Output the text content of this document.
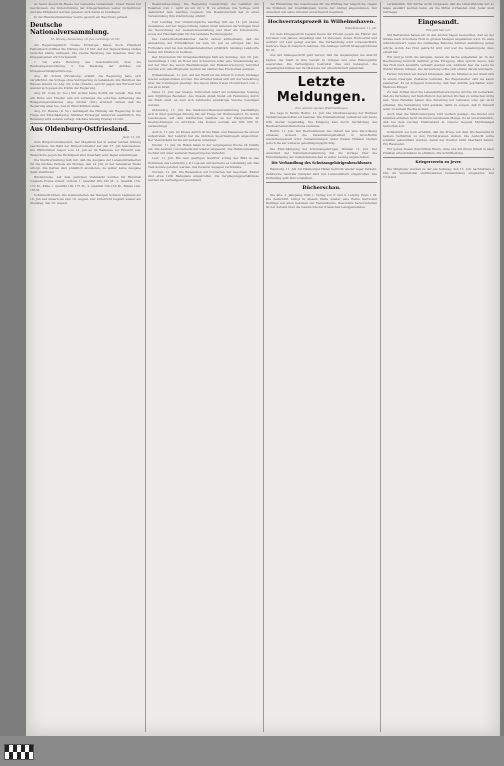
ist heute Abend im Hause der Gemeinde versammelt. Unser Verein hat beschlossen, die Unterstützung der Kriegerfamilien weiter fortzuführen und alle Mitglieder werden gebeten, sich daran zu beteiligen.

In der Handwerkskammer wurde gestern ein Beschluss gefasst.

Deutsche Nationalversammlung.
67. Sitzung, Donnerstag, 10. Juli, vormittags 10 Uhr.

Am Regierungstisch: Noske, Erzberger, Bauer, Koch. Präsident Fehrenbach eröffnet die Sitzung um 10 Uhr. Auf der Tagesordnung stehen zunächst kleine Anfragen. Die zweite Beratung des Gesetzes über die Kriegsabgaben wird fortgesetzt.

1. Die erste Beratung des Gesetzentwurfs über die Reichsabgabenordnung. 2. Die Beratung der Anträge zur Kriegsbeschädigtenfürsorge.

Abg. Dr. Schulz (Bromberg) erklärt, die Regierung habe sich verpflichtet, die Vorlage ohne Verzögerung zu behandeln. Die Mehrheit des Hauses stimmt zu. Abg. Dr. Cohn (Unabh.) spricht gegen den Entwurf und wendet sich gegen die Politik der Regierung.

Abg. Dr. Cohn (U. Soz.) Wir wollen keine Politik der Gewalt. Das Volk will Ruhe und Frieden und wir verlangen die sofortige Aufhebung des Belagerungszustandes. Abg. Gröber (Ztr.) erwidert darauf, daß die Regierung alles tue, was in ihren Kräften stehe.

Abg. Dr. Heinze (D. Vp.) bemängelt die Haltung der Regierung in der Frage der Entschädigung. Minister Erzberger antwortet ausführlich. Die Beratung wird sodann vertagt. Nächste Sitzung Freitag 10 Uhr.

Aus Oldenburg-Ostfriesland.
Jever, 12. Juli.

Zum Bürgervorsteheramt. Der Magistrat hat in seiner letzten Sitzung beschlossen, die Wahl der Bürgervorsteher auf den 27. Juli festzusetzen. Die Wählerlisten liegen vom 14. Juli an im Rathause zur Einsicht aus. Einsprüche gegen die Richtigkeit sind innerhalb acht Tagen anzubringen.

Die Stadtverwaltung teilt mit, daß die Ausgabe der Lebensmittelkarten für die nächste Periode am Montag, den 14. Juli, in der bekannten Weise erfolgt. Die Karten sind pünktlich abzuholen, da später keine Ausgabe mehr stattfindet.

Rinderpreise. Auf dem gestrigen Viehmarkt wurden für Rindvieh folgende Preise erzielt: Ochsen 1. Qualität 180–190 M., 2. Qualität 150–170 M., Kühe 1. Qualität 160–175 M., 2. Qualität 130–150 M., Bullen 140–165 M.

Schulnachrichten. Die Sommerferien der hiesigen Schulen beginnen am 19. Juli und dauern bis zum 18. August. Der Unterricht beginnt wieder am Dienstag, den 19. August.

Beamtenbesoldung. Die Regierung beabsichtigt, die Gehälter der Beamten vom 1. April an um 20 v. H. zu erhöhen. Die Vorlage wird demnächst dem Landtag zugehen. Die Beamtenschaft hat in einer Versammlung ihre Zustimmung erklärt.

Vom Landtag. Der Oldenburgische Landtag tritt am 15. Juli wieder zusammen. Auf der Tagesordnung stehen unter anderem die Vorlagen über die Neuordnung der Gemeindeverwaltung und über die Schulreform, sowie der Haushaltsplan für das laufende Rechnungsjahr.

Die Landwirtschaftskammer macht darauf aufmerksam, daß die Anmeldung der Ernteflächen bis zum 20. Juli zu erfolgen hat. Die Formulare sind bei den Gemeindebehörden erhältlich. Säumige Landwirte haben mit Strafen zu rechnen.

Der Kreisverein für Kriegsbeschädigte hält am Sonntag, den 20. Juli, nachmittags 3 Uhr, im Hotel zum Schwarzen Adler eine Versammlung ab, auf der über die neuen Bestimmungen der Rentenversorgung berichtet werden soll. Alle Mitglieder werden um zahlreiches Erscheinen gebeten.

Wilhelmshaven, 11. Juli. Auf der Werft ist die Arbeit in vollem Umfange wieder aufgenommen worden. Die Arbeiter haben sich mit der Verwaltung über die Lohnfragen geeinigt. Die neuen Sätze treten rückwirkend vom 1. Juli an in Kraft.

Varel, 11. Juli. Der hiesige Turnverein feiert am kommenden Sonntag sein 50jähriges Bestehen. Aus diesem Anlaß findet ein Festumzug durch die Stadt statt, an dem sich zahlreiche auswärtige Vereine beteiligen werden.

Oldenburg, 11. Juli. Die Stadtverordnetenversammlung beschäftigte sich in ihrer gestrigen Sitzung mit der Frage der Wohnungsnot. Es wurde beschlossen, auf dem städtischen Gelände an der Hauptstraße 40 Kleinwohnungen zu errichten. Die Kosten werden auf 600 000 M. veranschlagt.

Aurich, 11. Juli. Im Kreise Aurich ist die Maul- und Klauenseuche erneut aufgetreten. Der Landrat hat die üblichen Sperrmaßregeln angeordnet. Der Viehverkehr ist bis auf weiteres untersagt.

Emden, 11. Juli. Im Hafen liefen in der vergangenen Woche 24 Schiffe ein. Die Ausfuhr von Getreide hat wieder eingesetzt. Die Hafenverwaltung rechnet mit einer weiteren Steigerung des Verkehrs.

Leer, 11. Juli. Bei dem gestrigen Gewitter schlug der Blitz in das Wohnhaus des Landwirts J. in Loga ein und äscherte es vollständig ein. Das Vieh konnte gerettet werden, das Inventar dagegen verbrannte.

Norden, 11. Juli. Die Badesaison auf Norderney hat begonnen. Bisher sind etwa 1200 Badegäste eingetroffen. Die Verpflegungsverhältnisse werden als befriedigend geschildert.

der Einsetzung des Ausschusses für die Prüfung der Ansprüche. Gegen die Stimmen der Unabhängigen wurde der Antrag angenommen. Der Ausschuß soll seine Arbeiten unverzüglich beginnen.

Hochverratsprozeß in Wilhelmshaven.
Wilhelmshaven, 11. Juli.

Vor dem Kriegsgericht begann heute der Prozeß gegen die Führer der Unruhen vom Januar. Angeklagt sind 14 Personen, denen Hochverrat und Aufruhr zur Last gelegt werden. Die Verhandlung wird voraussichtlich mehrere Tage in Anspruch nehmen. Die Anklage vertritt Kriegsgerichtsrat Dr. M.

Aus der Anklageschrift geht hervor, daß die Angeklagten die Absicht hatten, die Stadt in ihre Gewalt zu bringen und eine Räterepublik auszurufen. Die Verteidigung bestreitet dies und behauptet, die Angeklagten hätten nur im Interesse der Arbeiterschaft gehandelt.

Letzte Meldungen.
(Von unseren eigenen Drahtmeldungen)

Die Lage in Berlin. Berlin, 11. Juli. Die Streikbewegung der Berliner Verkehrsangestellten ist beendet. Die Straßenbahnen verkehren seit heute früh wieder regelmäßig. Die Einigung kam durch Vermittlung des Reichsarbeitsministeriums zustande.

Berlin, 11. Juli. Der Reichsminister des Innern hat eine Verordnung erlassen, wonach die Versammlungsfreiheit in Groß-Berlin wiederhergestellt wird. Versammlungen unter freiem Himmel bleiben jedoch bis auf weiteres genehmigungspflichtig.

Die Entschädigung der Schutzangehörigen. Weimar, 11. Juli. Der Ausschuß der Nationalversammlung hat die Vorlage über die Entschädigung der Auslandsdeutschen in erster Lesung angenommen.

Die Verhandlung des Schutzangehörigenbeschlusses

Hamburg, 11. Juli. Im Hamburger Hafen herrscht wieder reger Verkehr. Zahlreiche neutrale Dampfer sind mit Lebensmitteln eingetroffen. Die Entladung geht flott vonstatten.

Bücherschau.

Die Alte. 2. Jahrgang. Heft 1. Verlag von F. und S. Leipzig. Preis 1 M. Die Zeitschrift bringt in diesem Hefte wieder eine Reihe wertvoller Beiträge aus allen Gebieten der Heimatkunde. Besonders hervorzuheben ist der Aufsatz über die Geschichte der friesischen Landgemeinden.

verständlich. Wir dürfen nicht vergessen, daß die Unterstützung nur so lange gewährt werden kann, als die Mittel vorhanden sind. Jeder muß beitragen.

Eingesandt.
Was geht hier vor?

Mit Befremden haben wir in den letzten Tagen beobachtet, daß an der Straße nach Schortens Holz in großen Mengen abgefahren wird. Es wäre wünschenswert, wenn die zuständige Behörde darüber Aufklärung geben würde, wohin das Holz gebracht wird und wer die Genehmigung dazu erteilt hat.

Wir sind ja nicht die einzigen, denen die Sache aufgefallen ist. In der Bevölkerung herrscht darüber große Erregung. Man spricht davon, daß das Holz nach auswärts verkauft werden soll, während hier die Leute im Winter frieren müssen. Die Verwaltung sollte sich einmal darum kümmern.

Ferner möchten wir darauf hinweisen, daß die Straßen in der Stadt sich in einem traurigen Zustande befinden. Bei Regenwetter sind sie kaum passierbar. Es ist dringend notwendig, daß hier Abhilfe geschaffen wird. Mehrere Bürger.

Zu dem Artikel über die Lebensmittelversorgung möchte ich bemerken, daß die Verteilung der Kartoffeln in den letzten Wochen zu wünschen übrig ließ. Viele Familien haben ihre Zuteilung nur teilweise oder gar nicht erhalten. Die Verwaltung wird gebeten, dafür zu sorgen, daß in Zukunft jeder zu seinem Rechte kommt.

Auch über die Milchversorgung wird vielfach geklagt. Die Kinder und Kranken erhalten nicht die ihnen zustehende Menge. Es ist unverständlich, daß bei dem reichen Viehbestand in unserer Gegend Milchmangel herrschen soll.

Schließlich sei noch erwähnt, daß die Preise auf dem Wochenmarkt in keinem Verhältnis zu den Höchstpreisen stehen. Die Aufsicht sollte schärfer gehandhabt werden, damit der Wucher nicht überhand nimmt. Ein Hausvater.

Wir geben diesen Zuschriften Raum, ohne uns mit ihrem Inhalt in allen Punkten einverstanden zu erklären. Die Schriftleitung.

Kriegerverein zu Jever.

Die Mitglieder werden zu der am Sonntag, den 13. Juli, nachmittags 4 Uhr, im Vereinslokal stattfindenden Versammlung eingeladen. Der Vorstand.
